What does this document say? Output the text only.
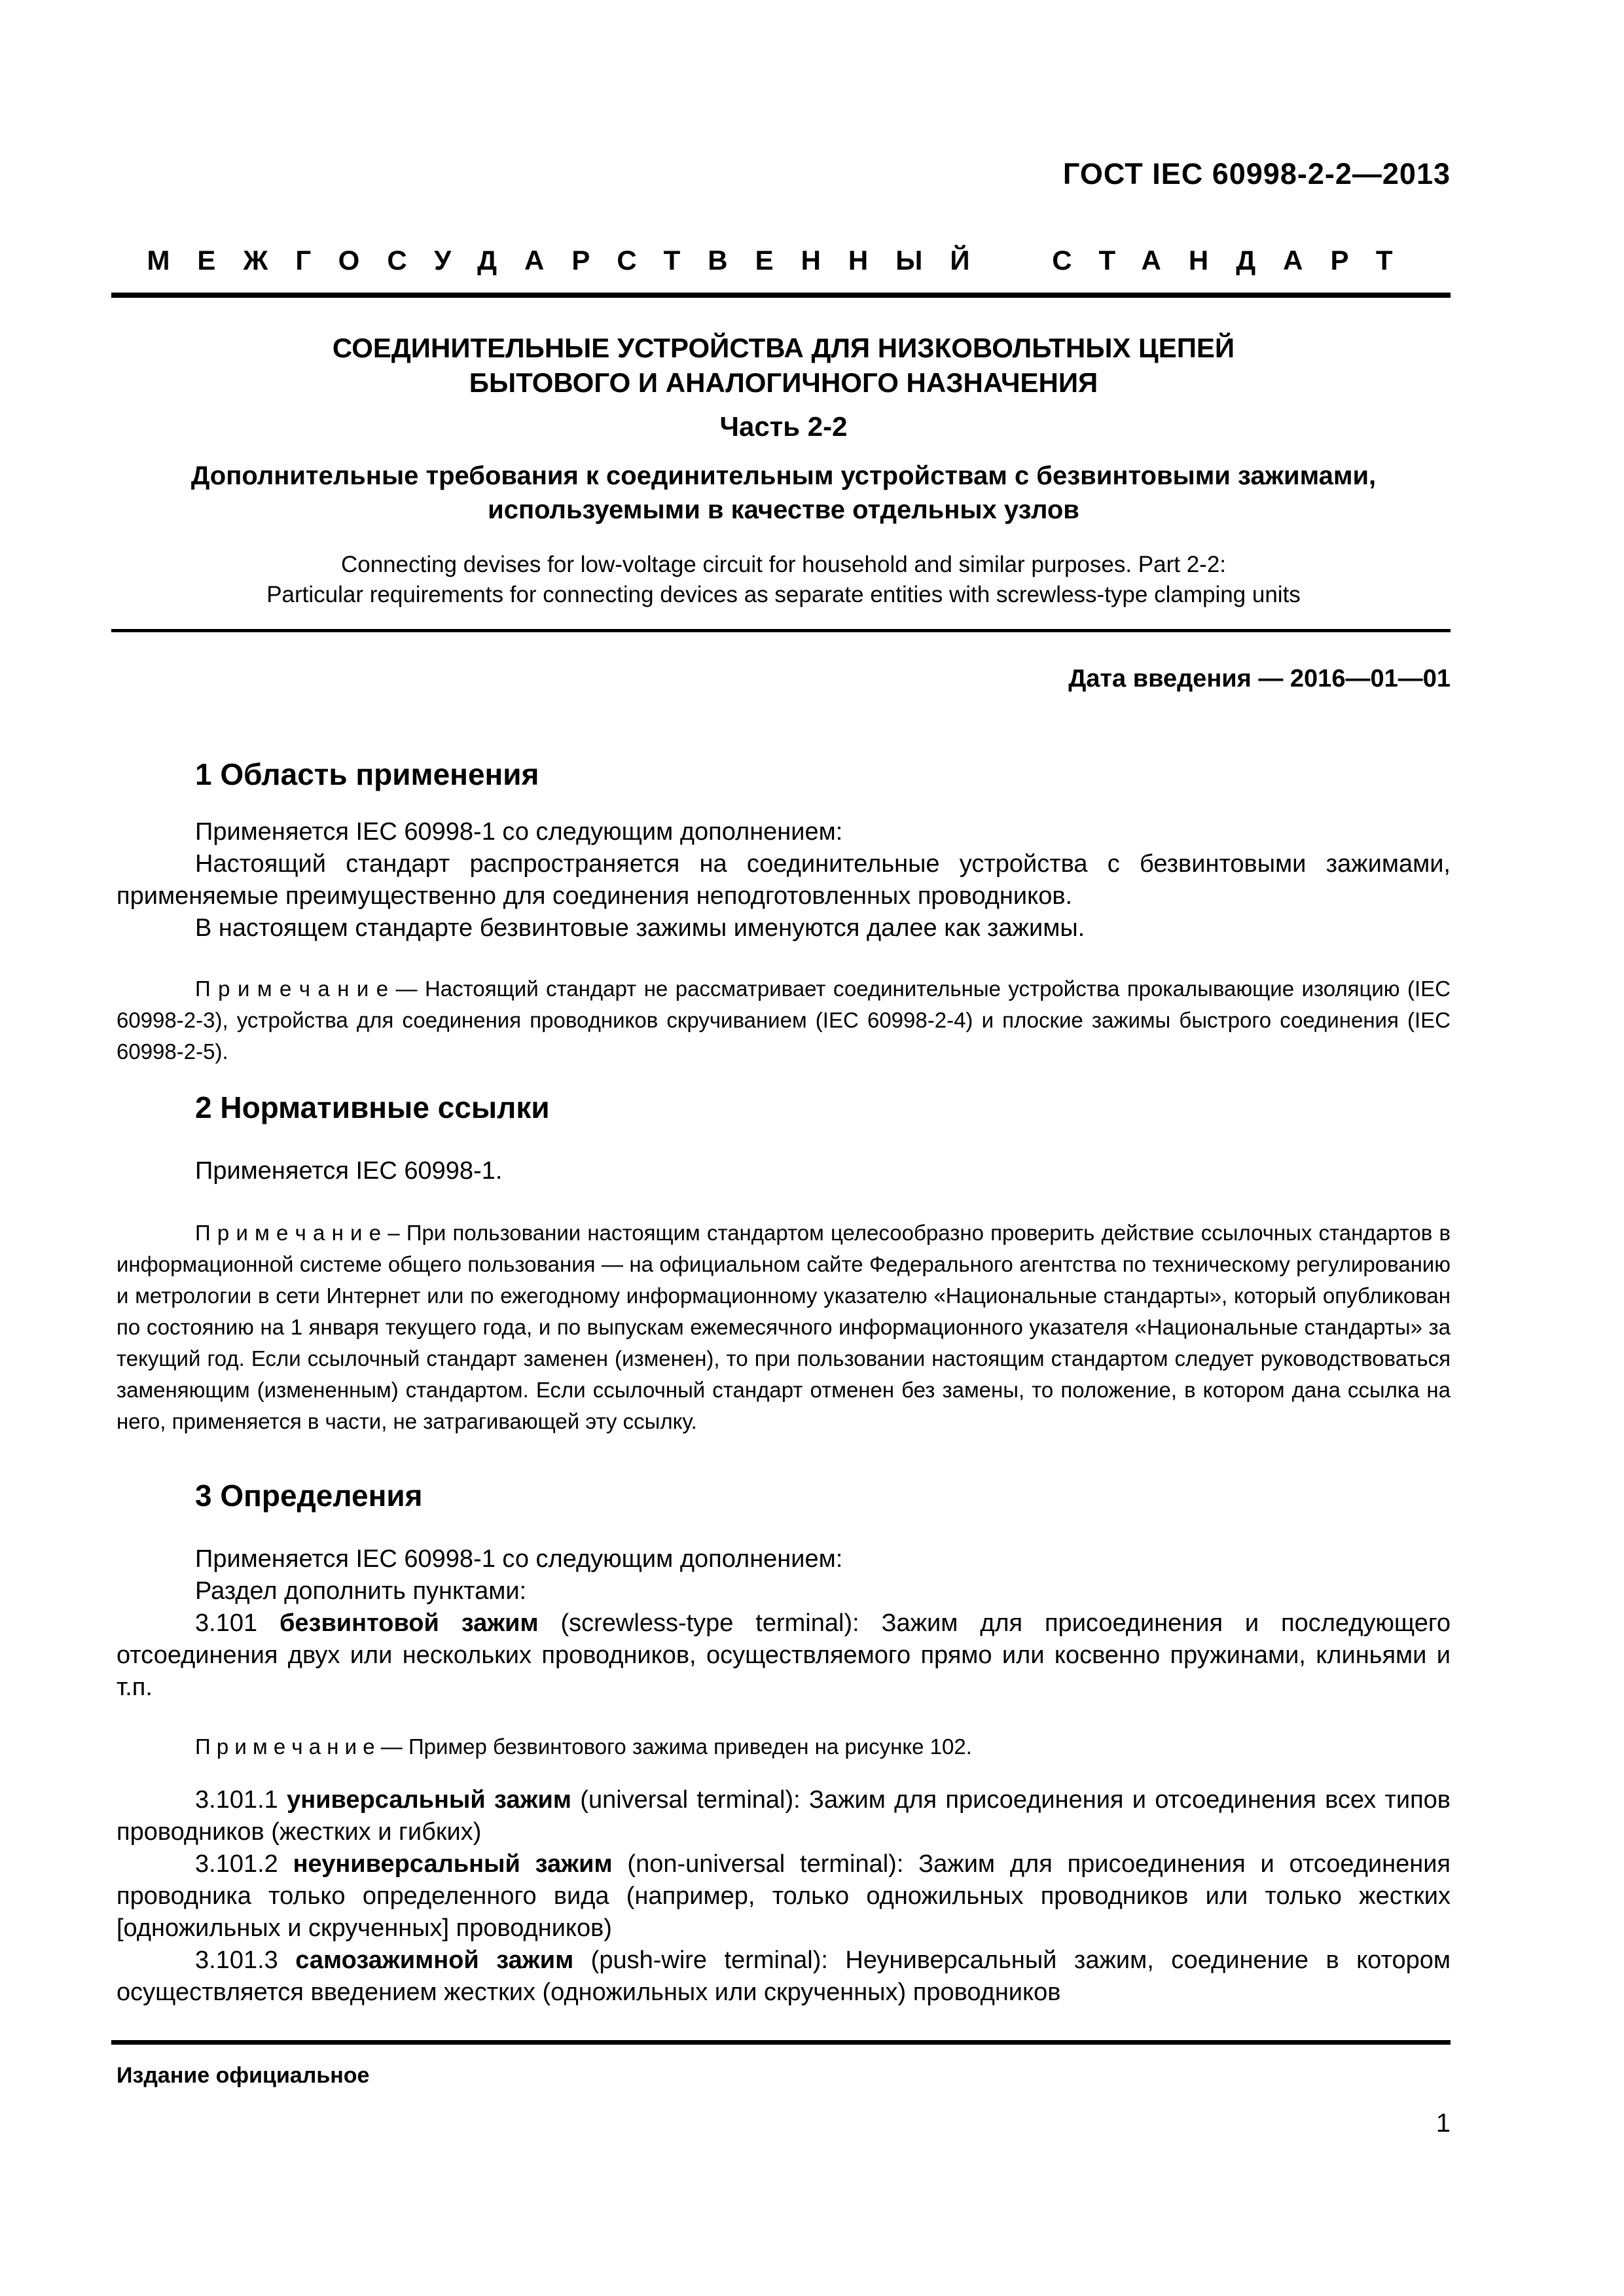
ГОСТ IEC 60998-2-2—2013
МЕЖГОСУДАРСТВЕННЫЙ СТАНДАРТ
СОЕДИНИТЕЛЬНЫЕ УСТРОЙСТВА ДЛЯ НИЗКОВОЛЬТНЫХ ЦЕПЕЙ
БЫТОВОГО И АНАЛОГИЧНОГО НАЗНАЧЕНИЯ
Часть 2-2
Дополнительные требования к соединительным устройствам с безвинтовыми зажимами,
используемыми в качестве отдельных узлов
Connecting devises for low-voltage circuit for household and similar purposes. Part 2-2:
Particular requirements for connecting devices as separate entities with screwless-type clamping units
Дата введения — 2016—01—01
1 Область применения

Применяется IEC 60998-1 со следующим дополнением:

Настоящий стандарт распространяется на соединительные устройства с безвинтовыми зажимами, применяемые преимущественно для соединения неподготовленных проводников.

В настоящем стандарте безвинтовые зажимы именуются далее как зажимы.

П р и м е ч а н и е — Настоящий стандарт не рассматривает соединительные устройства прокалывающие изоляцию (IEC 60998-2-3), устройства для соединения проводников скручиванием (IEC 60998-2-4) и плоские зажимы быстрого соединения (IEC 60998-2-5).

2 Нормативные ссылки

Применяется IEC 60998-1.

П р и м е ч а н и е – При пользовании настоящим стандартом целесообразно проверить действие ссылочных стандартов в информационной системе общего пользования — на официальном сайте Федерального агентства по техническому регулированию и метрологии в сети Интернет или по ежегодному информационному указателю «Национальные стандарты», который опубликован по состоянию на 1 января текущего года, и по выпускам ежемесячного информационного указателя «Национальные стандарты» за текущий год. Если ссылочный стандарт заменен (изменен), то при пользовании настоящим стандартом следует руководствоваться заменяющим (измененным) стандартом. Если ссылочный стандарт отменен без замены, то положение, в котором дана ссылка на него, применяется в части, не затрагивающей эту ссылку.

3 Определения

Применяется IEC 60998-1 со следующим дополнением:

Раздел дополнить пунктами:

3.101 безвинтовой зажим (screwless-type terminal): Зажим для присоединения и последующего отсоединения двух или нескольких проводников, осуществляемого прямо или косвенно пружинами, клиньями и т.п.

П р и м е ч а н и е — Пример безвинтового зажима приведен на рисунке 102.

3.101.1 универсальный зажим (universal terminal): Зажим для присоединения и отсоединения всех типов проводников (жестких и гибких)

3.101.2 неуниверсальный зажим (non-universal terminal): Зажим для присоединения и отсоединения проводника только определенного вида (например, только одножильных проводников или только жестких [одножильных и скрученных] проводников)

3.101.3 самозажимной зажим (push-wire terminal): Неуниверсальный зажим, соединение в котором осуществляется введением жестких (одножильных или скрученных) проводников

Издание официальное
1
